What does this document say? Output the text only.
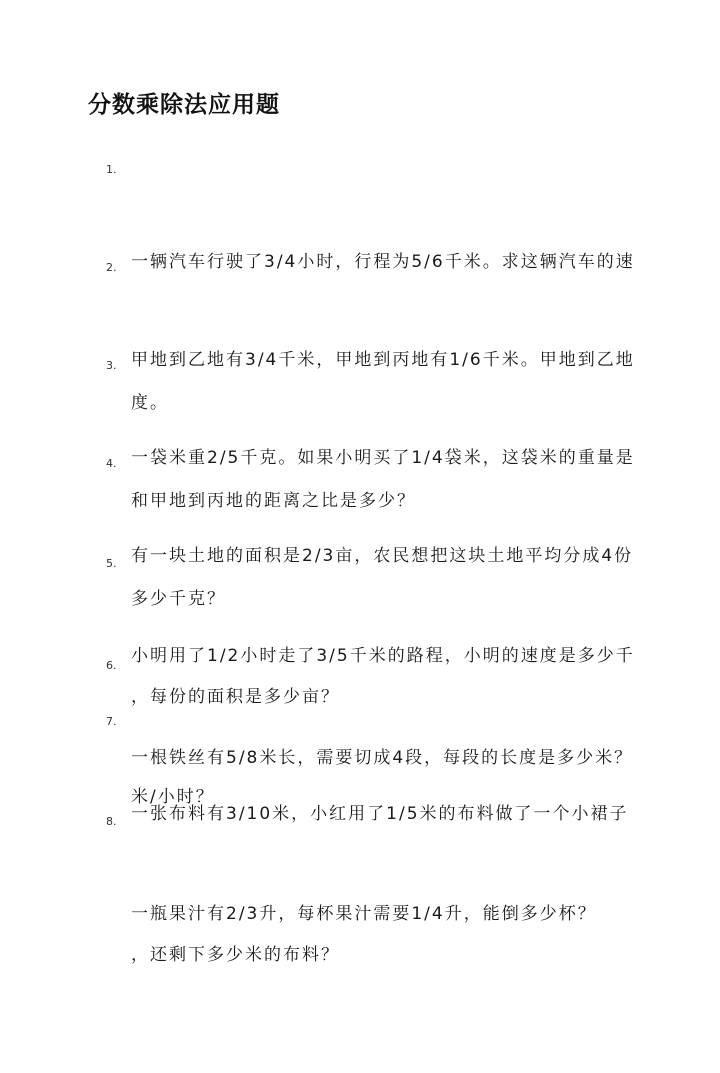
分数乘除法应用题
1.

一辆汽车行驶了3/4小时，行程为5/6千米。求这辆汽车的速

度。

2.

甲地到乙地有3/4千米，甲地到丙地有1/6千米。甲地到乙地

和甲地到丙地的距离之比是多少？

3.

一袋米重2/5千克。如果小明买了1/4袋米，这袋米的重量是

多少千克？

4.

有一块土地的面积是2/3亩，农民想把这块土地平均分成4份

，每份的面积是多少亩？

5.

小明用了1/2小时走了3/5千米的路程，小明的速度是多少千

米/小时？

6.

一根铁丝有5/8米长，需要切成4段，每段的长度是多少米？

7.

一张布料有3/10米，小红用了1/5米的布料做了一个小裙子

，还剩下多少米的布料？

8.

一瓶果汁有2/3升，每杯果汁需要1/4升，能倒多少杯？
